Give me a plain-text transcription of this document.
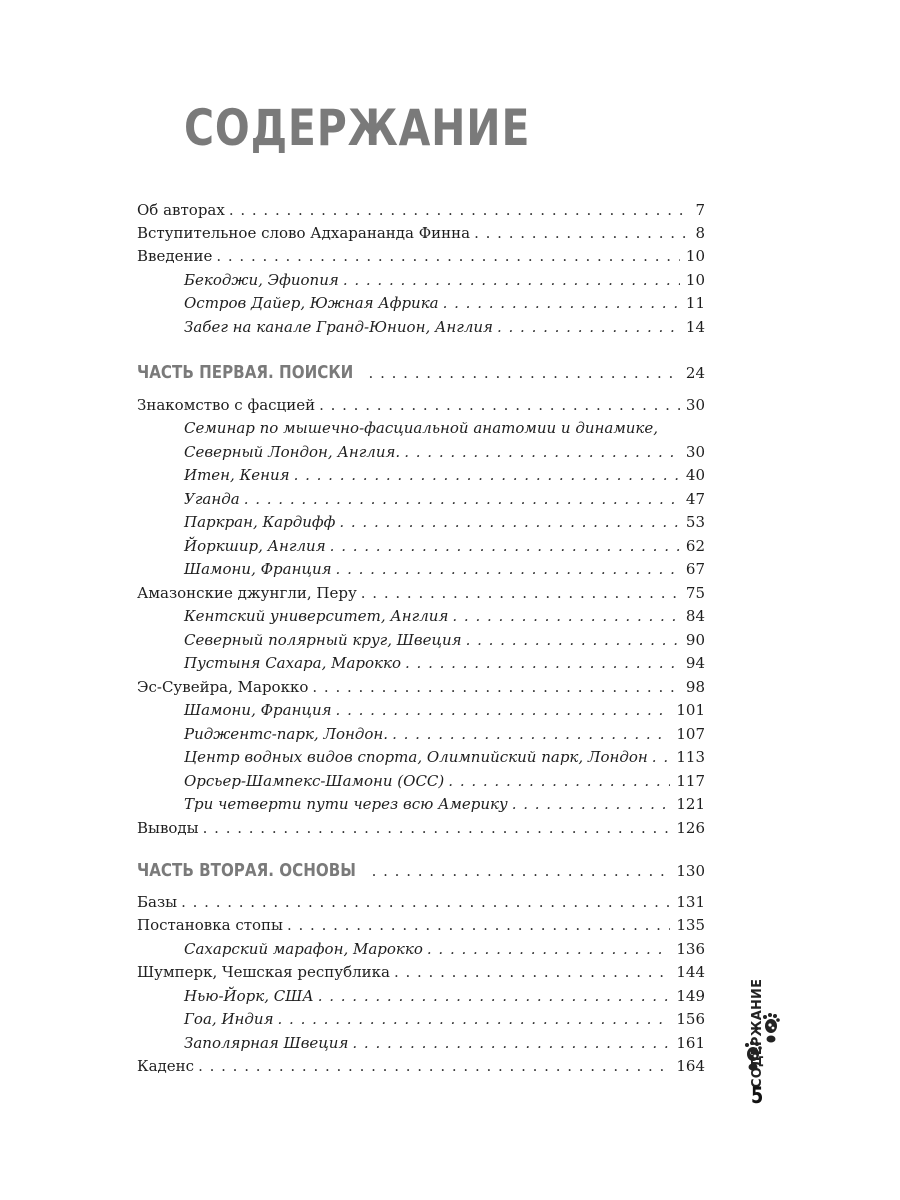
СОДЕРЖАНИЕ
Об авторах . . .	7
Вступительное слово Адхарананда Финна . . .	8
Введение . . .	10
Бекоджи, Эфиопия . . .	10
Остров Дайер, Южная Африка . . .	11
Забег на канале Гранд-Юнион, Англия . . .	14
ЧАСТЬ ПЕРВАЯ. ПОИСКИ . . .	24
Знакомство с фасцией . . .	30
Семинар по мышечно-фасциальной анатомии и динамике,
Северный Лондон, Англия. . . .	30
Итен, Кения . . .	40
Уганда . . .	47
Паркран, Кардифф . . .	53
Йоркшир, Англия . . .	62
Шамони, Франция . . .	67
Амазонские джунгли, Перу . . .	75
Кентский университет, Англия . . .	84
Северный полярный круг, Швеция . . .	90
Пустыня Сахара, Марокко . . .	94
Эс-Сувейра, Марокко . . .	98
Шамони, Франция . . .	101
Риджентс-парк, Лондон. . . .	107
Центр водных видов спорта, Олимпийский парк, Лондон . . .	113
Орсьер-Шампекс-Шамони (ОСС) . . .	117
Три четверти пути через всю Америку . . .	121
Выводы . . .	126
ЧАСТЬ ВТОРАЯ. ОСНОВЫ . . .	130
Базы . . .	131
Постановка стопы . . .	135
Сахарский марафон, Марокко . . .	136
Шумперк, Чешская республика . . .	144
Нью-Йорк, США . . .	149
Гоа, Индия . . .	156
Заполярная Швеция . . .	161
Каденс . . .	164	СОДЕРЖАНИЕ
5
